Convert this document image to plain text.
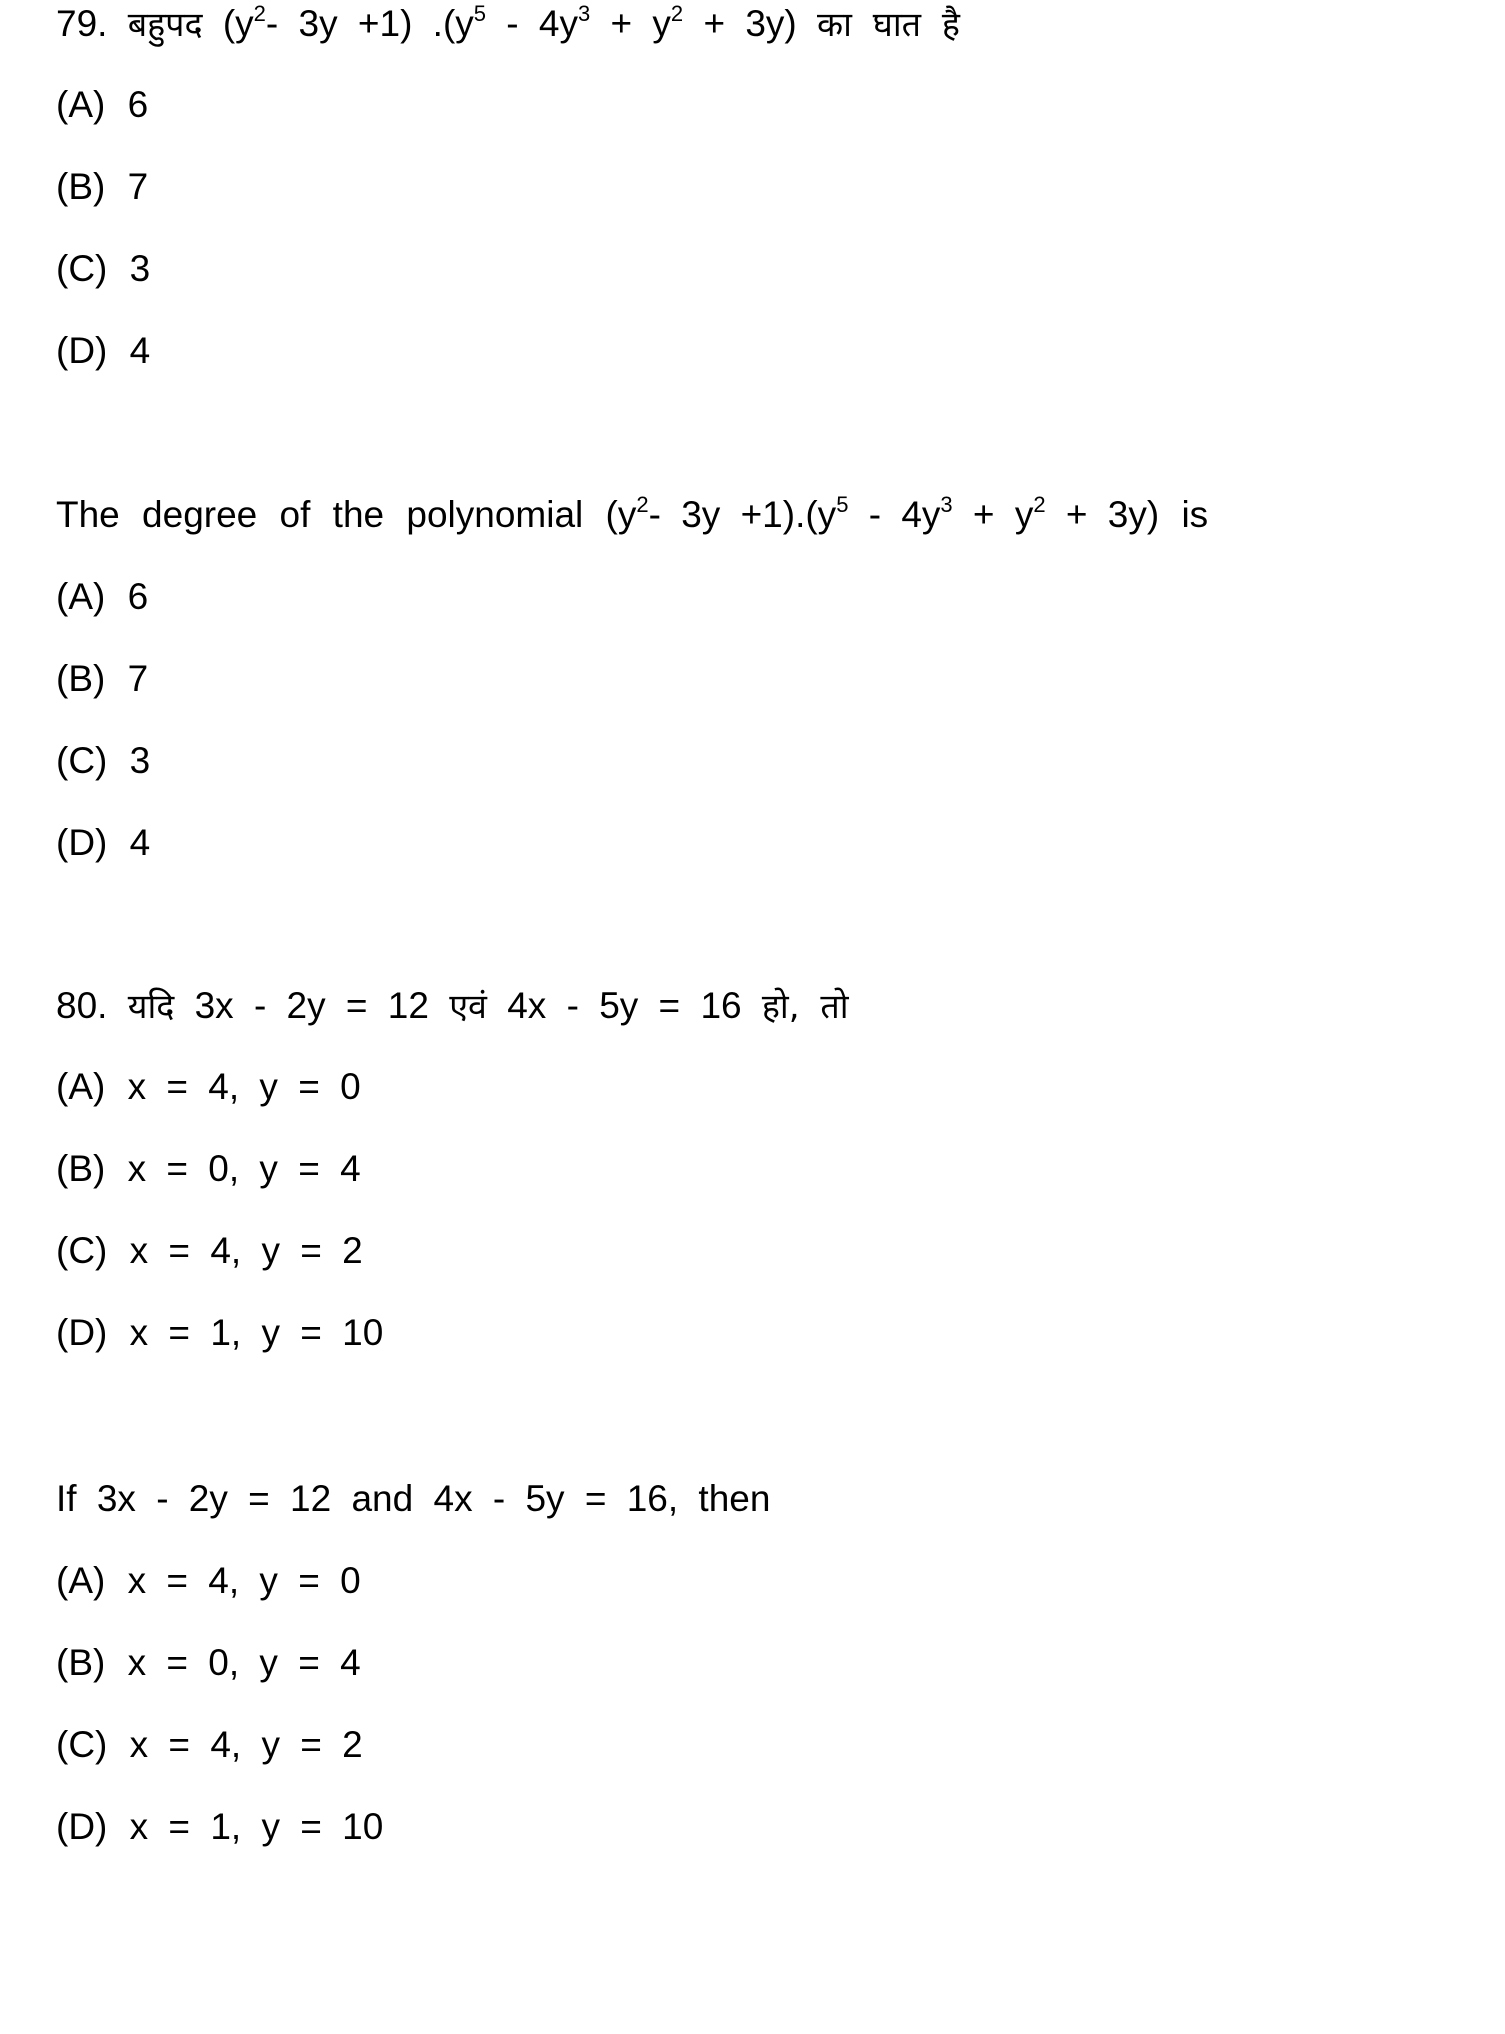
79. बहुपद ($y^2-$ 3y +1) $.(y^5 - 4y^3 + y^2 + 3y)$ का घात है
(A) 6
(B) 7
(C) 3
(D) 4
The degree of the polynomial ($y^2-$ $3y +1).(y^5 - 4y^3 + y^2 + 3y)$ is
(A) 6
(B) 7
(C) 3
(D) 4
80. यदि 3x - 2y = 12 एवं 4x - 5y = 16 हो, तो
(A) x = 4, y = 0
(B) x = 0, y = 4
(C) x = 4, y = 2
(D) x = 1, y = 10
If 3x - 2y = 12 and 4x - 5y = 16, then
(A) x = 4, y = 0
(B) x = 0, y = 4
(C) x = 4, y = 2
(D) x = 1, y = 10
